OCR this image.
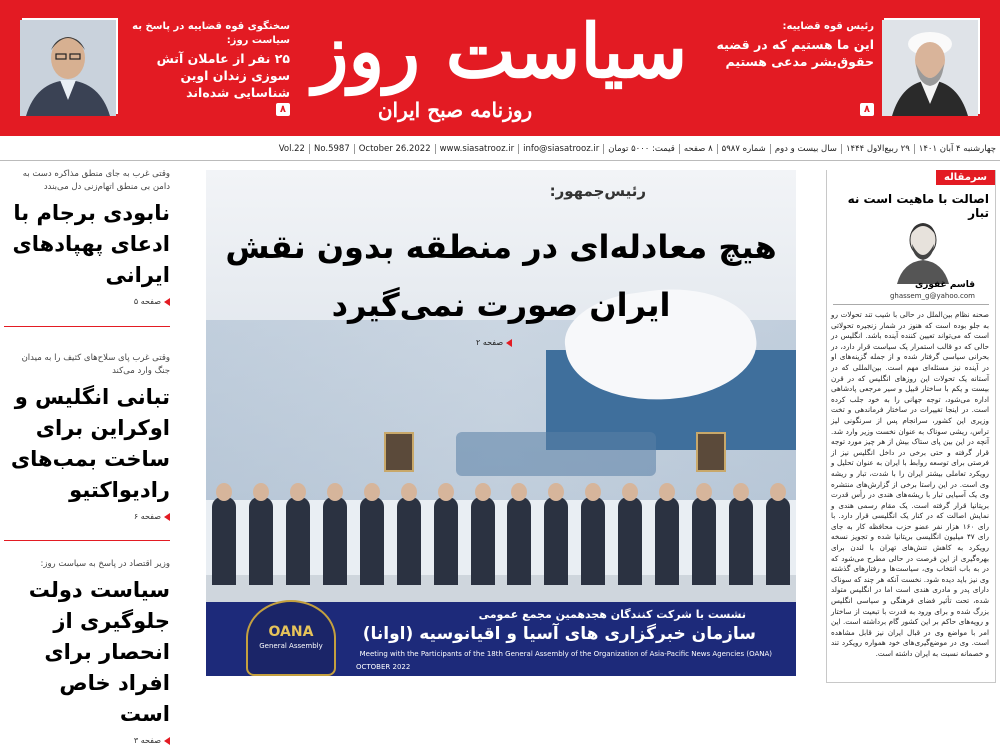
رئیس قوه قضاییه:
این ما هستیم که در قضیه حقوق‌بشر مدعی هستیم
۸
سیاست روز
روزنامه صبح ایران
سخنگوی قوه قضاییه در پاسخ به سیاست روز:
۲۵ نفر از عاملان آتش سوزی زندان اوین شناسایی شده‌اند
۸
چهارشنبه ۴ آبان ۱۴۰۱
۲۹ ربیع‌الاول ۱۴۴۴
سال بیست و دوم
شماره ۵۹۸۷
۸ صفحه
قیمت: ۵۰۰۰ تومان
info@siasatrooz.ir
www.siasatrooz.ir
October 26.2022
No.5987
Vol.22
وقتی غرب به جای منطق مذاکره دست به دامن بی منطق اتهام‌زنی دل می‌بندد
نابودی برجام با ادعای پهپادهای ایرانی
صفحه ۵
وقتی غرب پای سلاح‌های کثیف را به میدان جنگ وارد می‌کند
تبانی انگلیس و اوکراین برای ساخت بمب‌های رادیواکتیو
صفحه ۶
وزیر اقتصاد در پاسخ به سیاست روز:
سیاست دولت جلوگیری از انحصار برای افراد خاص است
صفحه ۳
نشست با شرکت کنندگان هجدهمین مجمع عمومی
سازمان خبرگزاری های آسیا و اقیانوسیه (اوانا)
Meeting with the Participants of the 18th General Assembly of the Organization of Asia-Pacific News Agencies (OANA)
OCTOBER 2022
OANA
General Assembly
رئیس‌جمهور:
هیچ معادله‌ای در منطقه بدون نقش ایران صورت نمی‌گیرد
صفحه ۲
سرمقاله
اصالت با ماهیت است نه تبار
قاسم غفوری
ghassem_g@yahoo.com
صحنه نظام بین‌الملل در حالی با شیب تند تحولات رو به جلو بوده است که هنوز در شمار زنجیره تحولاتی است که می‌تواند تعیین کننده آینده باشد. انگلیس در حالی که دو قالب استمرار یک سیاست قرار دارد، در بحرانی سیاسی گرفتار شده و از جمله گزینه‌های او در آینده نیز مسئله‌ای مهم است. بین‌المللی که در آستانه یک تحولات این روزهای انگلیس که در قرن بیست و یکم با ساختار قبیل و سیر مرجعی پادشاهی اداره می‌شود، توجه جهانی را به خود جلب کرده است. در اینجا تغییرات در ساختار فرماندهی و تخت وزیری این کشور، سرانجام پس از سرنگونی لیز تراس، ریشی سوناک به عنوان نخست وزیر وارد شد. آنچه در این بین پای ستاک بیش از هر چیز مورد توجه قرار گرفته و حتی برخی در داخل انگلیس نیز از فرصتی برای توسعه روابط با ایران به عنوان تحلیل و رویکرد تعاملی بیشتر ایران را با شدت، تبار و ریشه وی است. در این راستا برخی از گزارش‌های منتشره وی یک آسیایی تبار با ریشه‌های هندی در رأس قدرت بریتانیا قرار گرفته است. یک مقام رسمی هندی و نمایش اصالت که در کنار یک انگلیسی قرار دارد. با رای ۱۶۰ هزار نفر عضو حزب محافظه کار به جای رای ۴۷ میلیون انگلیسی بریتانیا شده و تجویز نسخه رویکرد به کاهش تنش‌های تهران با لندن برای بهره‌گیری از این فرصت در حالی مطرح می‌شود که در به باب انتخاب وی، سیاست‌ها و رفتارهای گذشته وی نیز باید دیده شود. نخست آنکه هر چند که سوناک دارای پدر و مادری هندی است اما در انگلیس متولد شده، تحت تأثیر فضای فرهنگی و سیاسی انگلیس بزرگ شده و برای ورود به قدرت با تبعیت از ساختار و رویه‌های حاکم بر این کشور گام برداشته است. این امر با مواضع وی در قبال ایران نیز قابل مشاهده است. وی در موضع‌گیری‌های خود همواره رویکرد تند و خصمانه نسبت به ایران داشته است.
